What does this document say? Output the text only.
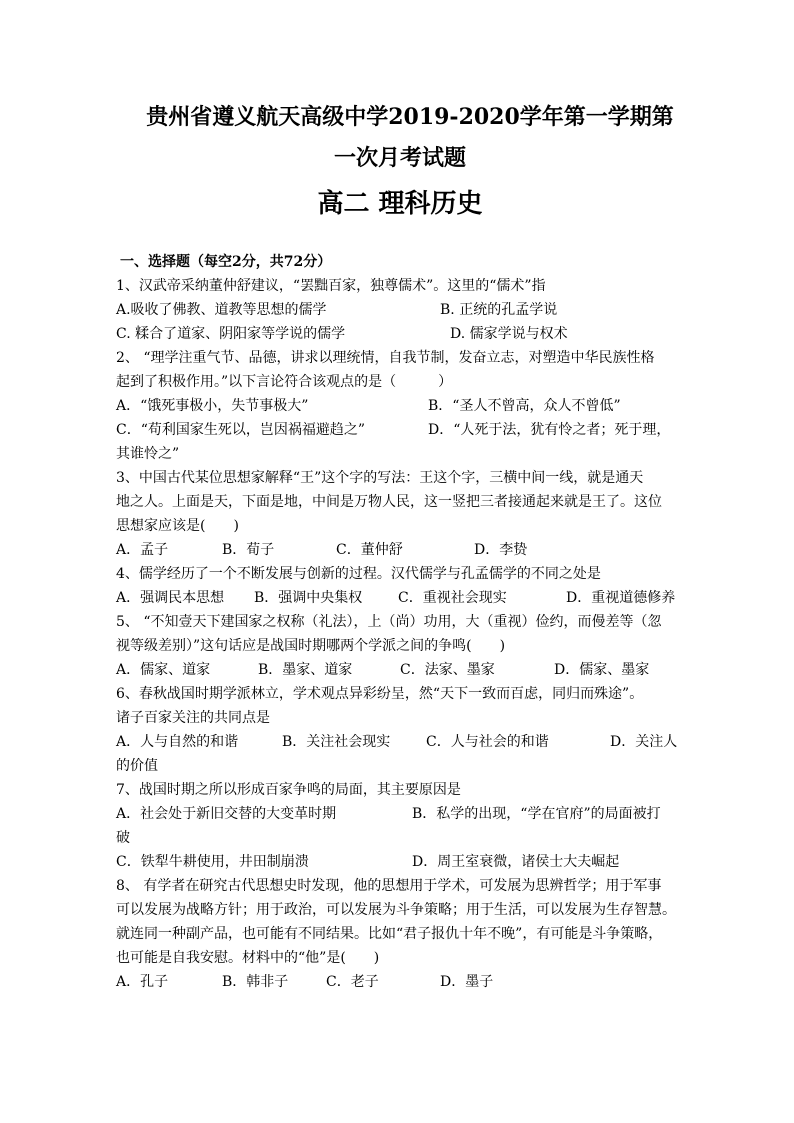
贵州省遵义航天高级中学2019-2020学年第一学期第
一次月考试题
高二 理科历史
一、选择题（每空2分，共72分）
1、汉武帝采纳董仲舒建议，“罢黜百家，独尊儒术”。这里的“儒术”指
A.吸收了佛教、道教等思想的儒学	B. 正统的孔孟学说
C. 糅合了道家、阴阳家等学说的儒学	D. 儒家学说与权术
2、 “理学注重气节、品德，讲求以理统情，自我节制，发奋立志，对塑造中华民族性格
起到了积极作用。”以下言论符合该观点的是（　　　）
A．“饿死事极小，失节事极大”	B．“圣人不曾高，众人不曾低”
C．“苟利国家生死以，岂因祸福避趋之”	D．“人死于法，犹有怜之者；死于理，
其谁怜之”
3、中国古代某位思想家解释“王”这个字的写法：王这个字，三横中间一线，就是通天
地之人。上面是天，下面是地，中间是万物人民，这一竖把三者接通起来就是王了。这位
思想家应该是(　　)
A．孟子	B．荀子	C．董仲舒	D．李贽
4、儒学经历了一个不断发展与创新的过程。汉代儒学与孔孟儒学的不同之处是
A．强调民本思想 B．强调中央集权	C．重视社会现实	D．重视道德修养
5、 “不知壹天下建国家之权称（礼法），上（尚）功用，大（重视）俭约，而僈差等（忽
视等级差别）”这句话应是战国时期哪两个学派之间的争鸣(　　)
A．儒家、道家	B．墨家、道家	C．法家、墨家	D．儒家、墨家
6、春秋战国时期学派林立，学术观点异彩纷呈，然“天下一致而百虑，同归而殊途”。
诸子百家关注的共同点是
A．人与自然的和谐	B．关注社会现实	C．人与社会的和谐	D．关注人
的价值
7、战国时期之所以形成百家争鸣的局面，其主要原因是
A．社会处于新旧交替的大变革时期	B．私学的出现，“学在官府”的局面被打
破
C．铁犁牛耕使用，井田制崩溃	D．周王室衰微，诸侯士大夫崛起
8、 有学者在研究古代思想史时发现，他的思想用于学术，可发展为思辨哲学；用于军事
可以发展为战略方针；用于政治，可以发展为斗争策略；用于生活，可以发展为生存智慧。
就连同一种副产品，也可能有不同结果。比如“君子报仇十年不晚”，有可能是斗争策略，
也可能是自我安慰。材料中的“他”是(　　)
A．孔子	B．韩非子	C．老子	D．墨子
